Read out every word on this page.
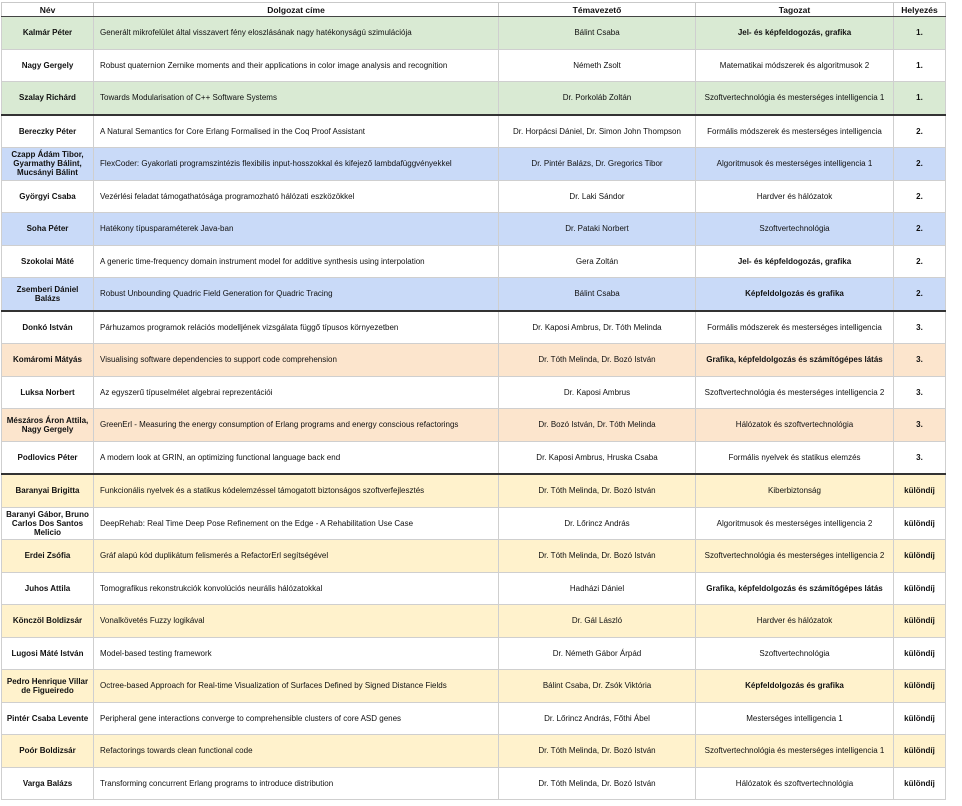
Név	Dolgozat címe	Témavezető	Tagozat	Helyezés
Kalmár Péter	Generált mikrofelület által visszavert fény eloszlásának nagy hatékonyságú szimulációja	Bálint Csaba	Jel- és képfeldogozás, grafika	1.
Nagy Gergely	Robust quaternion Zernike moments and their applications in color image analysis and recognition	Németh Zsolt	Matematikai módszerek és algoritmusok 2	1.
Szalay Richárd	Towards Modularisation of C++ Software Systems	Dr. Porkoláb Zoltán	Szoftvertechnológia és mesterséges intelligencia 1	1.
Bereczky Péter	A Natural Semantics for Core Erlang Formalised in the Coq Proof Assistant	Dr. Horpácsi Dániel, Dr. Simon John Thompson	Formális módszerek és mesterséges intelligencia	2.
Czapp Ádám Tibor, Gyarmathy Bálint, Mucsányi Bálint	FlexCoder: Gyakorlati programszintézis flexibilis input-hosszokkal és kifejező lambdafüggvényekkel	Dr. Pintér Balázs, Dr. Gregorics Tibor	Algoritmusok és mesterséges intelligencia 1	2.
Györgyi Csaba	Vezérlési feladat támogathatósága programozható hálózati eszközökkel	Dr. Laki Sándor	Hardver és hálózatok	2.
Soha Péter	Hatékony típusparaméterek Java-ban	Dr. Pataki Norbert	Szoftvertechnológia	2.
Szokolai Máté	A generic time-frequency domain instrument model for additive synthesis using interpolation	Gera Zoltán	Jel- és képfeldogozás, grafika	2.
Zsemberi Dániel Balázs	Robust Unbounding Quadric Field Generation for Quadric Tracing	Bálint Csaba	Képfeldolgozás és grafika	2.
Donkó István	Párhuzamos programok relációs modelljének vizsgálata függő típusos környezetben	Dr. Kaposi Ambrus, Dr. Tóth Melinda	Formális módszerek és mesterséges intelligencia	3.
Komáromi Mátyás	Visualising software dependencies to support code comprehension	Dr. Tóth Melinda, Dr. Bozó István	Grafika, képfeldolgozás és számítógépes látás	3.
Luksa Norbert	Az egyszerű típuselmélet algebrai reprezentációi	Dr. Kaposi Ambrus	Szoftvertechnológia és mesterséges intelligencia 2	3.
Mészáros Áron Attila, Nagy Gergely	GreenErl - Measuring the energy consumption of Erlang programs and energy conscious refactorings	Dr. Bozó István, Dr. Tóth Melinda	Hálózatok és szoftvertechnológia	3.
Podlovics Péter	A modern look at GRIN, an optimizing functional language back end	Dr. Kaposi Ambrus, Hruska Csaba	Formális nyelvek és statikus elemzés	3.
Baranyai Brigitta	Funkcionális nyelvek és a statikus kódelemzéssel támogatott biztonságos szoftverfejlesztés	Dr. Tóth Melinda, Dr. Bozó István	Kiberbiztonság	különdíj
Baranyi Gábor, Bruno Carlos Dos Santos Melicio	DeepRehab: Real Time Deep Pose Refinement on the Edge - A Rehabilitation Use Case	Dr. Lőrincz András	Algoritmusok és mesterséges intelligencia 2	különdíj
Erdei Zsófia	Gráf alapú kód duplikátum felismerés a RefactorErl segítségével	Dr. Tóth Melinda, Dr. Bozó István	Szoftvertechnológia és mesterséges intelligencia 2	különdíj
Juhos Attila	Tomografikus rekonstrukciók konvolúciós neurális hálózatokkal	Hadházi Dániel	Grafika, képfeldolgozás és számítógépes látás	különdíj
Könczöl Boldizsár	Vonalkövetés Fuzzy logikával	Dr. Gál László	Hardver és hálózatok	különdíj
Lugosi Máté István	Model-based testing framework	Dr. Németh Gábor Árpád	Szoftvertechnológia	különdíj
Pedro Henrique Villar de Figueiredo	Octree-based Approach for Real-time Visualization of Surfaces Defined by Signed Distance Fields	Bálint Csaba, Dr. Zsók Viktória	Képfeldolgozás és grafika	különdíj
Pintér Csaba Levente	Peripheral gene interactions converge to comprehensible clusters of core ASD genes	Dr. Lőrincz András, Főthi Ábel	Mesterséges intelligencia 1	különdíj
Poór Boldizsár	Refactorings towards clean functional code	Dr. Tóth Melinda, Dr. Bozó István	Szoftvertechnológia és mesterséges intelligencia 1	különdíj
Varga Balázs	Transforming concurrent Erlang programs to introduce distribution	Dr. Tóth Melinda, Dr. Bozó István	Hálózatok és szoftvertechnológia	különdíj
